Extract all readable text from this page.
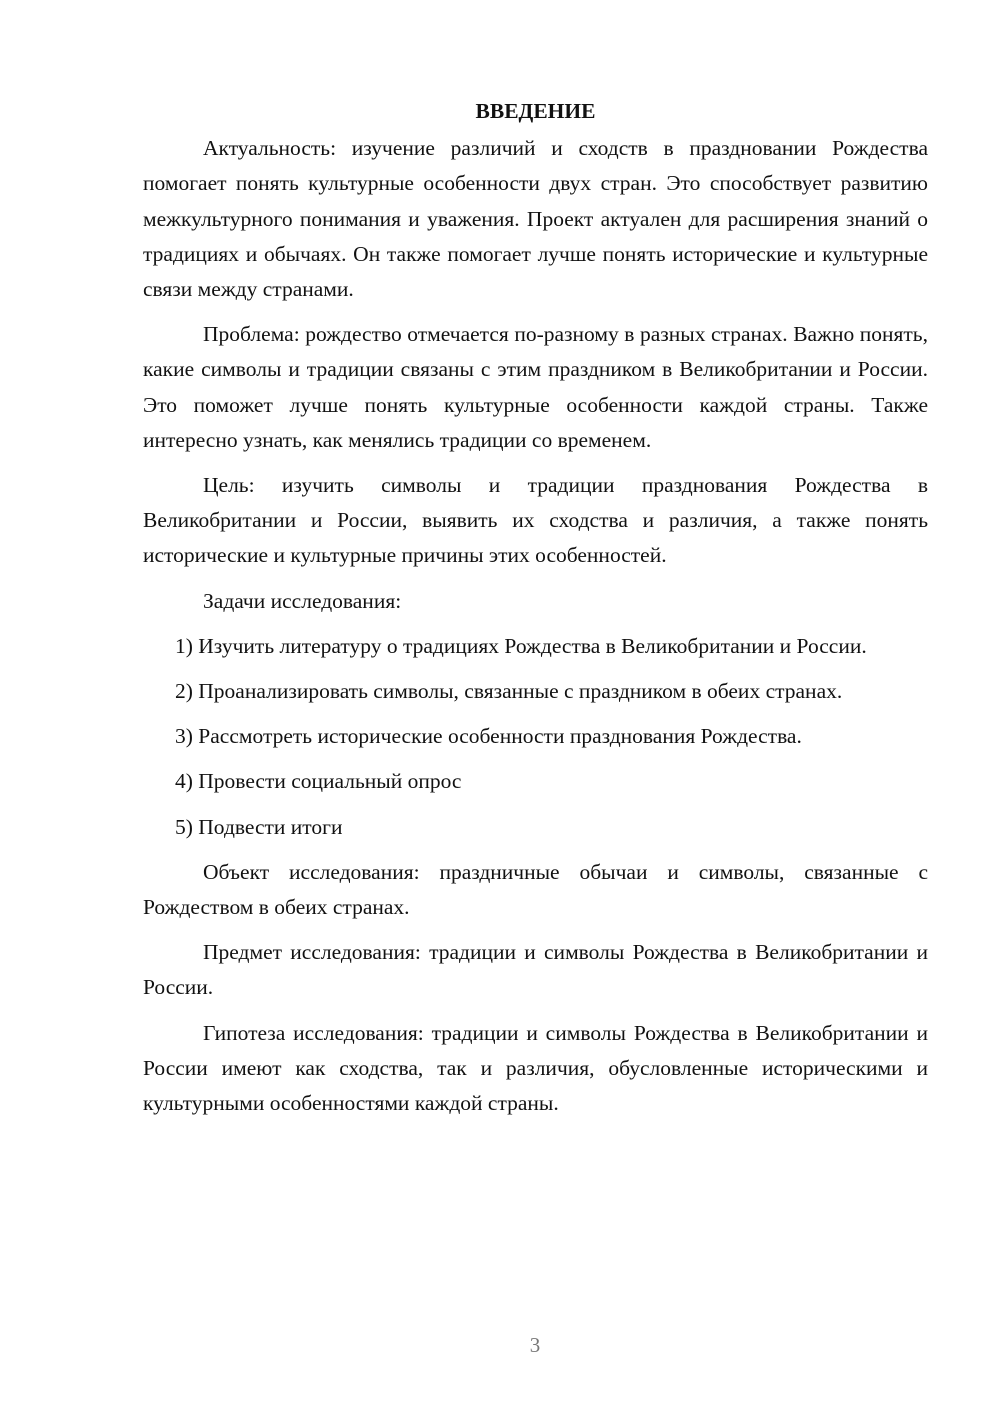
ВВЕДЕНИЕ

Актуальность: изучение различий и сходств в праздновании Рождества помогает понять культурные особенности двух стран. Это способствует развитию межкультурного понимания и уважения. Проект актуален для расширения знаний о традициях и обычаях. Он также помогает лучше понять исторические и культурные связи между странами.

Проблема: рождество отмечается по-разному в разных странах. Важно понять, какие символы и традиции связаны с этим праздником в Великобритании и России. Это поможет лучше понять культурные особенности каждой страны. Также интересно узнать, как менялись традиции со временем.

Цель: изучить символы и традиции празднования Рождества в Великобритании и России, выявить их сходства и различия, а также понять исторические и культурные причины этих особенностей.

Задачи исследования:

1) Изучить литературу о традициях Рождества в Великобритании и России.

2) Проанализировать символы, связанные с праздником в обеих странах.

3) Рассмотреть исторические особенности празднования Рождества.

4) Провести социальный опрос

5) Подвести итоги

Объект исследования: праздничные обычаи и символы, связанные с Рождеством в обеих странах.

Предмет исследования: традиции и символы Рождества в Великобритании и России.

Гипотеза исследования: традиции и символы Рождества в Великобритании и России имеют как сходства, так и различия, обусловленные историческими и культурными особенностями каждой страны.

3
